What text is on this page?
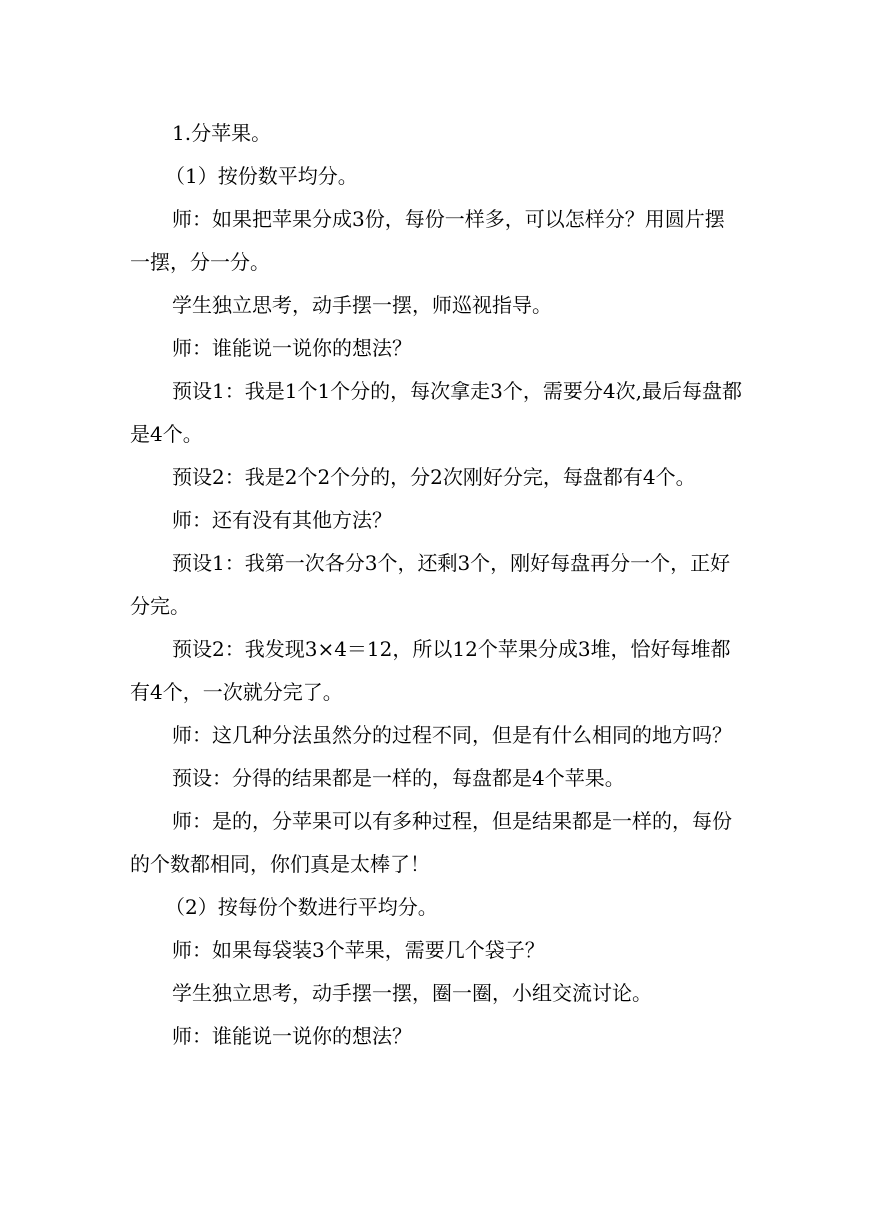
1.分苹果。

（1）按份数平均分。

师：如果把苹果分成3份，每份一样多，可以怎样分？用圆片摆一摆，分一分。

学生独立思考，动手摆一摆，师巡视指导。

师：谁能说一说你的想法？

预设1：我是1个1个分的，每次拿走3个，需要分4次,最后每盘都是4个。

预设2：我是2个2个分的，分2次刚好分完，每盘都有4个。

师：还有没有其他方法？

预设1：我第一次各分3个，还剩3个，刚好每盘再分一个，正好分完。

预设2：我发现3×4＝12，所以12个苹果分成3堆，恰好每堆都有4个，一次就分完了。

师：这几种分法虽然分的过程不同，但是有什么相同的地方吗？

预设：分得的结果都是一样的，每盘都是4个苹果。

师：是的，分苹果可以有多种过程，但是结果都是一样的，每份的个数都相同，你们真是太棒了！

（2）按每份个数进行平均分。

师：如果每袋装3个苹果，需要几个袋子？

学生独立思考，动手摆一摆，圈一圈，小组交流讨论。

师：谁能说一说你的想法？
